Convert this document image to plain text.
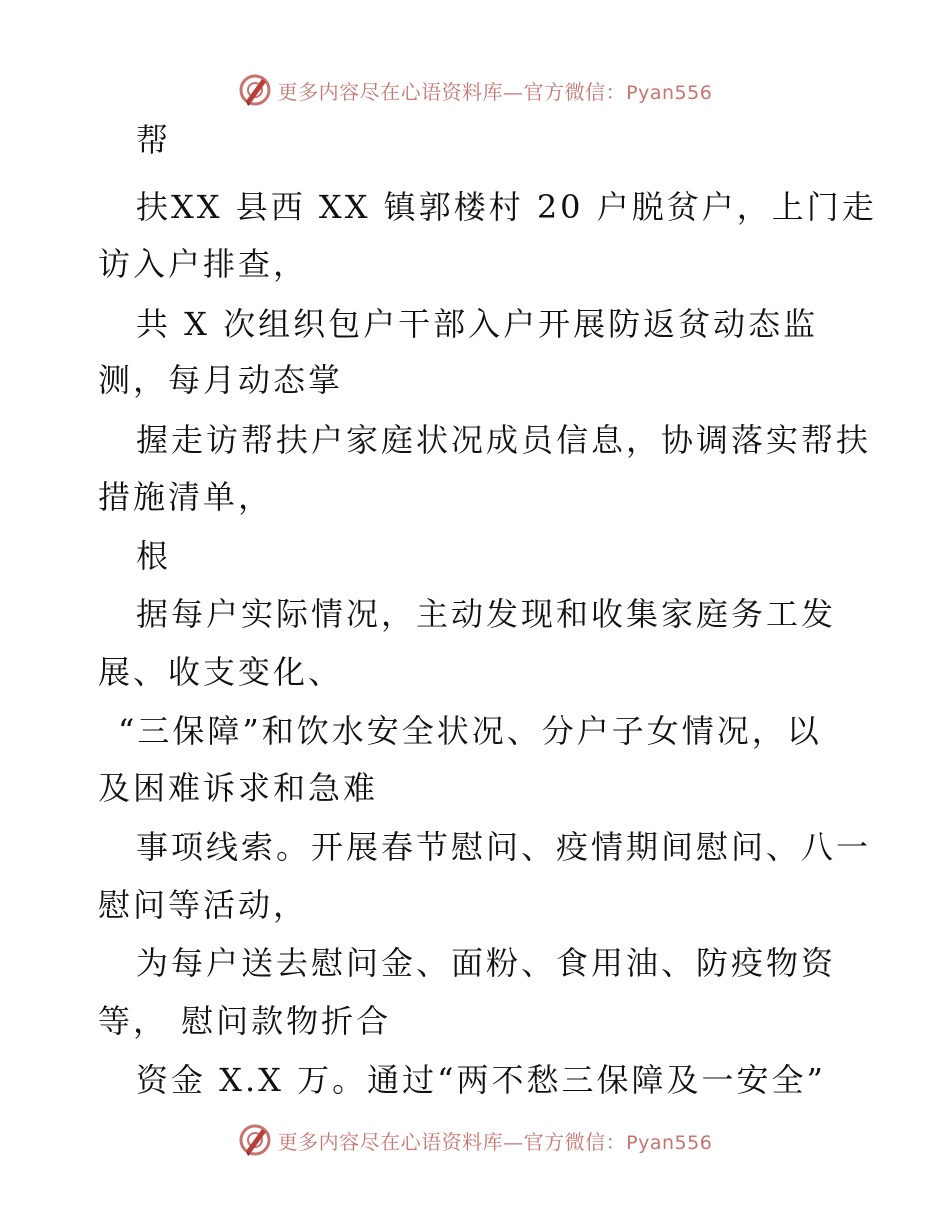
更多内容尽在心语资料库—官方微信：Pyan556
帮
扶XX 县西 XX 镇郭楼村 20 户脱贫户，上门走
访入户排查，
共 X 次组织包户干部入户开展防返贫动态监
测，每月动态掌
握走访帮扶户家庭状况成员信息，协调落实帮扶
措施清单，
根
据每户实际情况，主动发现和收集家庭务工发
展、收支变化、
“三保障”和饮水安全状况、分户子女情况，以
及困难诉求和急难
事项线索。开展春节慰问、疫情期间慰问、八一
慰问等活动，
为每户送去慰问金、面粉、食用油、防疫物资
等， 慰问款物折合
资金 X.X 万。通过“两不愁三保障及一安全”
更多内容尽在心语资料库—官方微信：Pyan556
